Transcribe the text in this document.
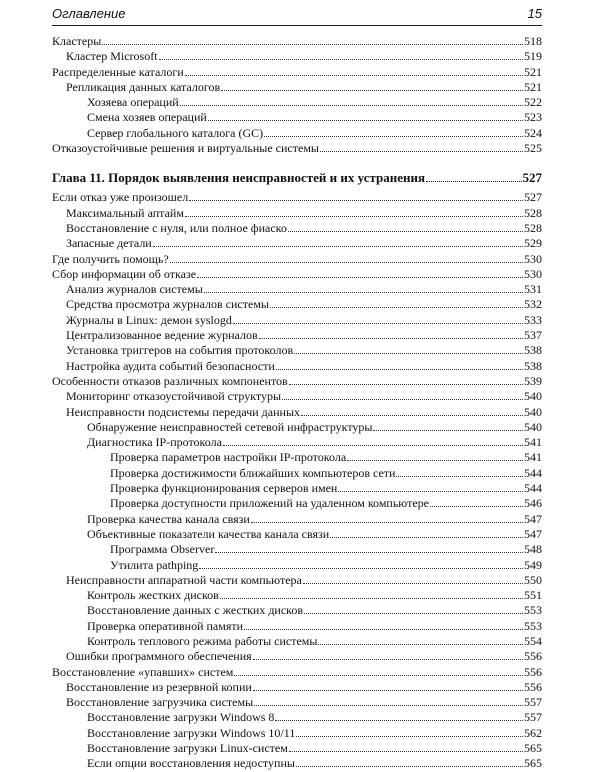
Оглавление	15
Кластеры	518
Кластер Microsoft	519
Распределенные каталоги	521
Репликация данных каталогов	521
Хозяева операций	522
Смена хозяев операций	523
Сервер глобального каталога (GC)	524
Отказоустойчивые решения и виртуальные системы	525
Глава 11. Порядок выявления неисправностей и их устранения	527
Если отказ уже произошел	527
Максимальный аптайм	528
Восстановление с нуля, или полное фиаско	528
Запасные детали	529
Где получить помощь?	530
Сбор информации об отказе	530
Анализ журналов системы	531
Средства просмотра журналов системы	532
Журналы в Linux: демон syslogd	533
Централизованное ведение журналов	537
Установка триггеров на события протоколов	538
Настройка аудита событий безопасности	538
Особенности отказов различных компонентов	539
Мониторинг отказоустойчивой структуры	540
Неисправности подсистемы передачи данных	540
Обнаружение неисправностей сетевой инфраструктуры	540
Диагностика IP-протокола	541
Проверка параметров настройки IP-протокола	541
Проверка достижимости ближайших компьютеров сети	544
Проверка функционирования серверов имен	544
Проверка доступности приложений на удаленном компьютере	546
Проверка качества канала связи	547
Объективные показатели качества канала связи	547
Программа Observer	548
Утилита pathping	549
Неисправности аппаратной части компьютера	550
Контроль жестких дисков	551
Восстановление данных с жестких дисков	553
Проверка оперативной памяти	553
Контроль теплового режима работы системы	554
Ошибки программного обеспечения	556
Восстановление «упавших» систем	556
Восстановление из резервной копии	556
Восстановление загрузчика системы	557
Восстановление загрузки Windows 8	557
Восстановление загрузки Windows 10/11	562
Восстановление загрузки Linux-систем	565
Если опции восстановления недоступны	565
